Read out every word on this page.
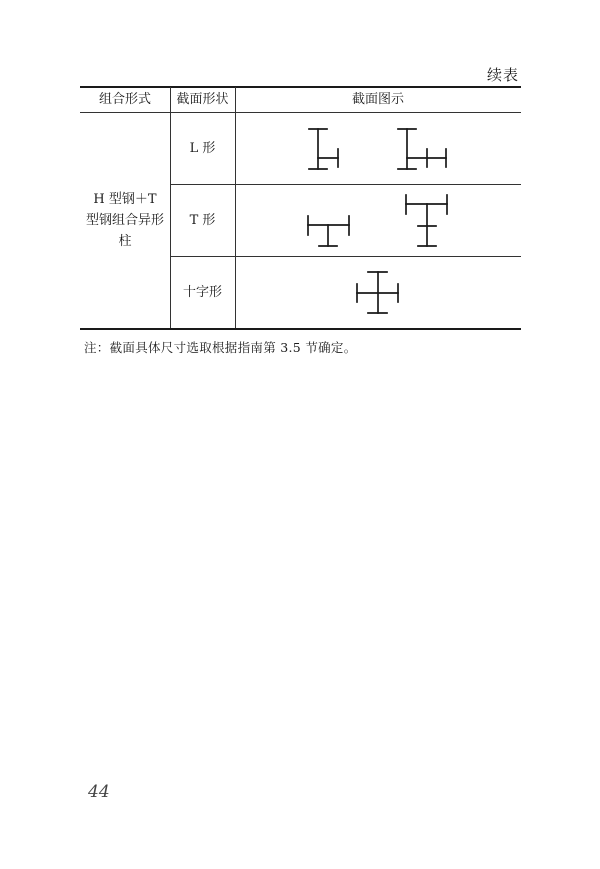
续表
组合形式	截面形状	截面图示
H 型钢＋T 型钢组合异形柱
L 形
T 形
十字形
注：截面具体尺寸选取根据指南第 3.5 节确定。
44
